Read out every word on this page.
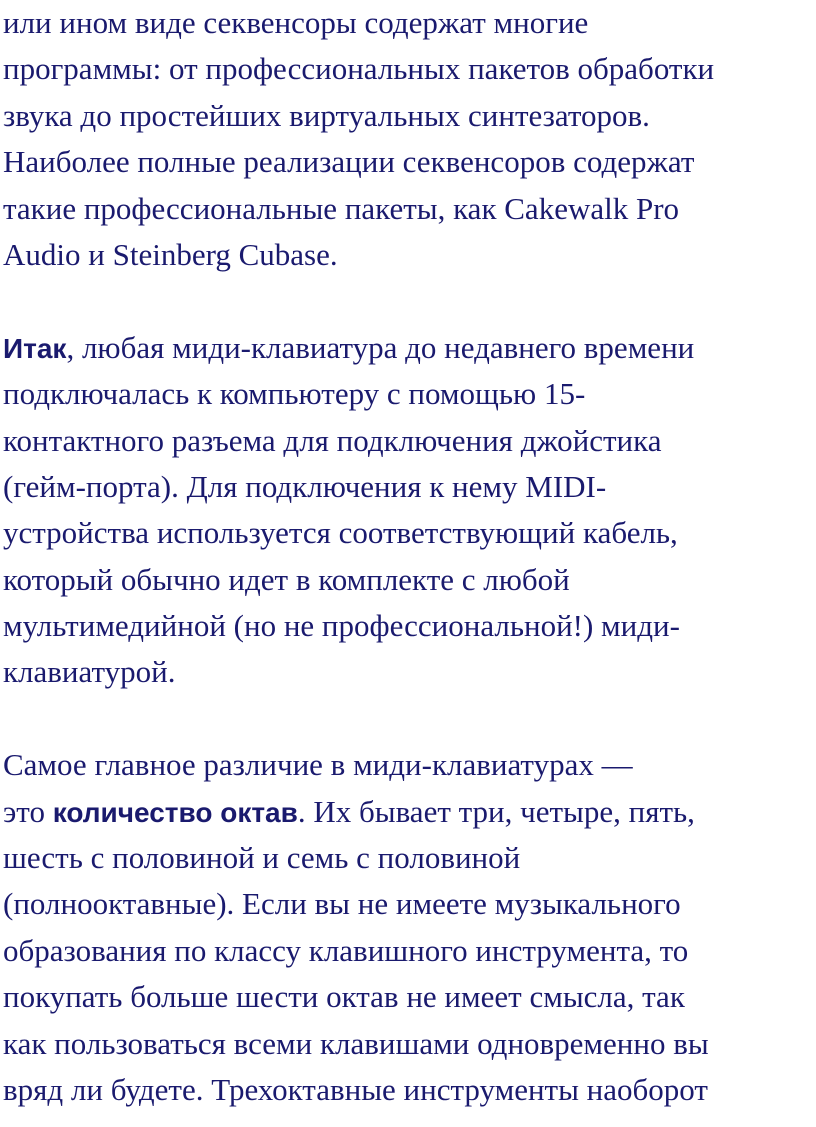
или ином виде секвенсоры содержат многие
программы: от профессиональных пакетов обработки
звука до простейших виртуальных синтезаторов.
Наиболее полные реализации секвенсоров содержат
такие профессиональные пакеты, как Cakewalk Pro
Audio и Steinberg Cubase.
Итак, любая миди-клавиатура до недавнего времени
подключалась к компьютеру с помощью 15-
контактного разъема для подключения джойстика
(гейм-порта). Для подключения к нему MIDI-
устройства используется соответствующий кабель,
который обычно идет в комплекте с любой
мультимедийной (но не профессиональной!) миди-
клавиатурой.
Самое главное различие в миди-клавиатурах —
это количество октав. Их бывает три, четыре, пять,
шесть с половиной и семь с половиной
(полнооктавные). Если вы не имеете музыкального
образования по классу клавишного инструмента, то
покупать больше шести октав не имеет смысла, так
как пользоваться всеми клавишами одновременно вы
вряд ли будете. Трехоктавные инструменты наоборот
